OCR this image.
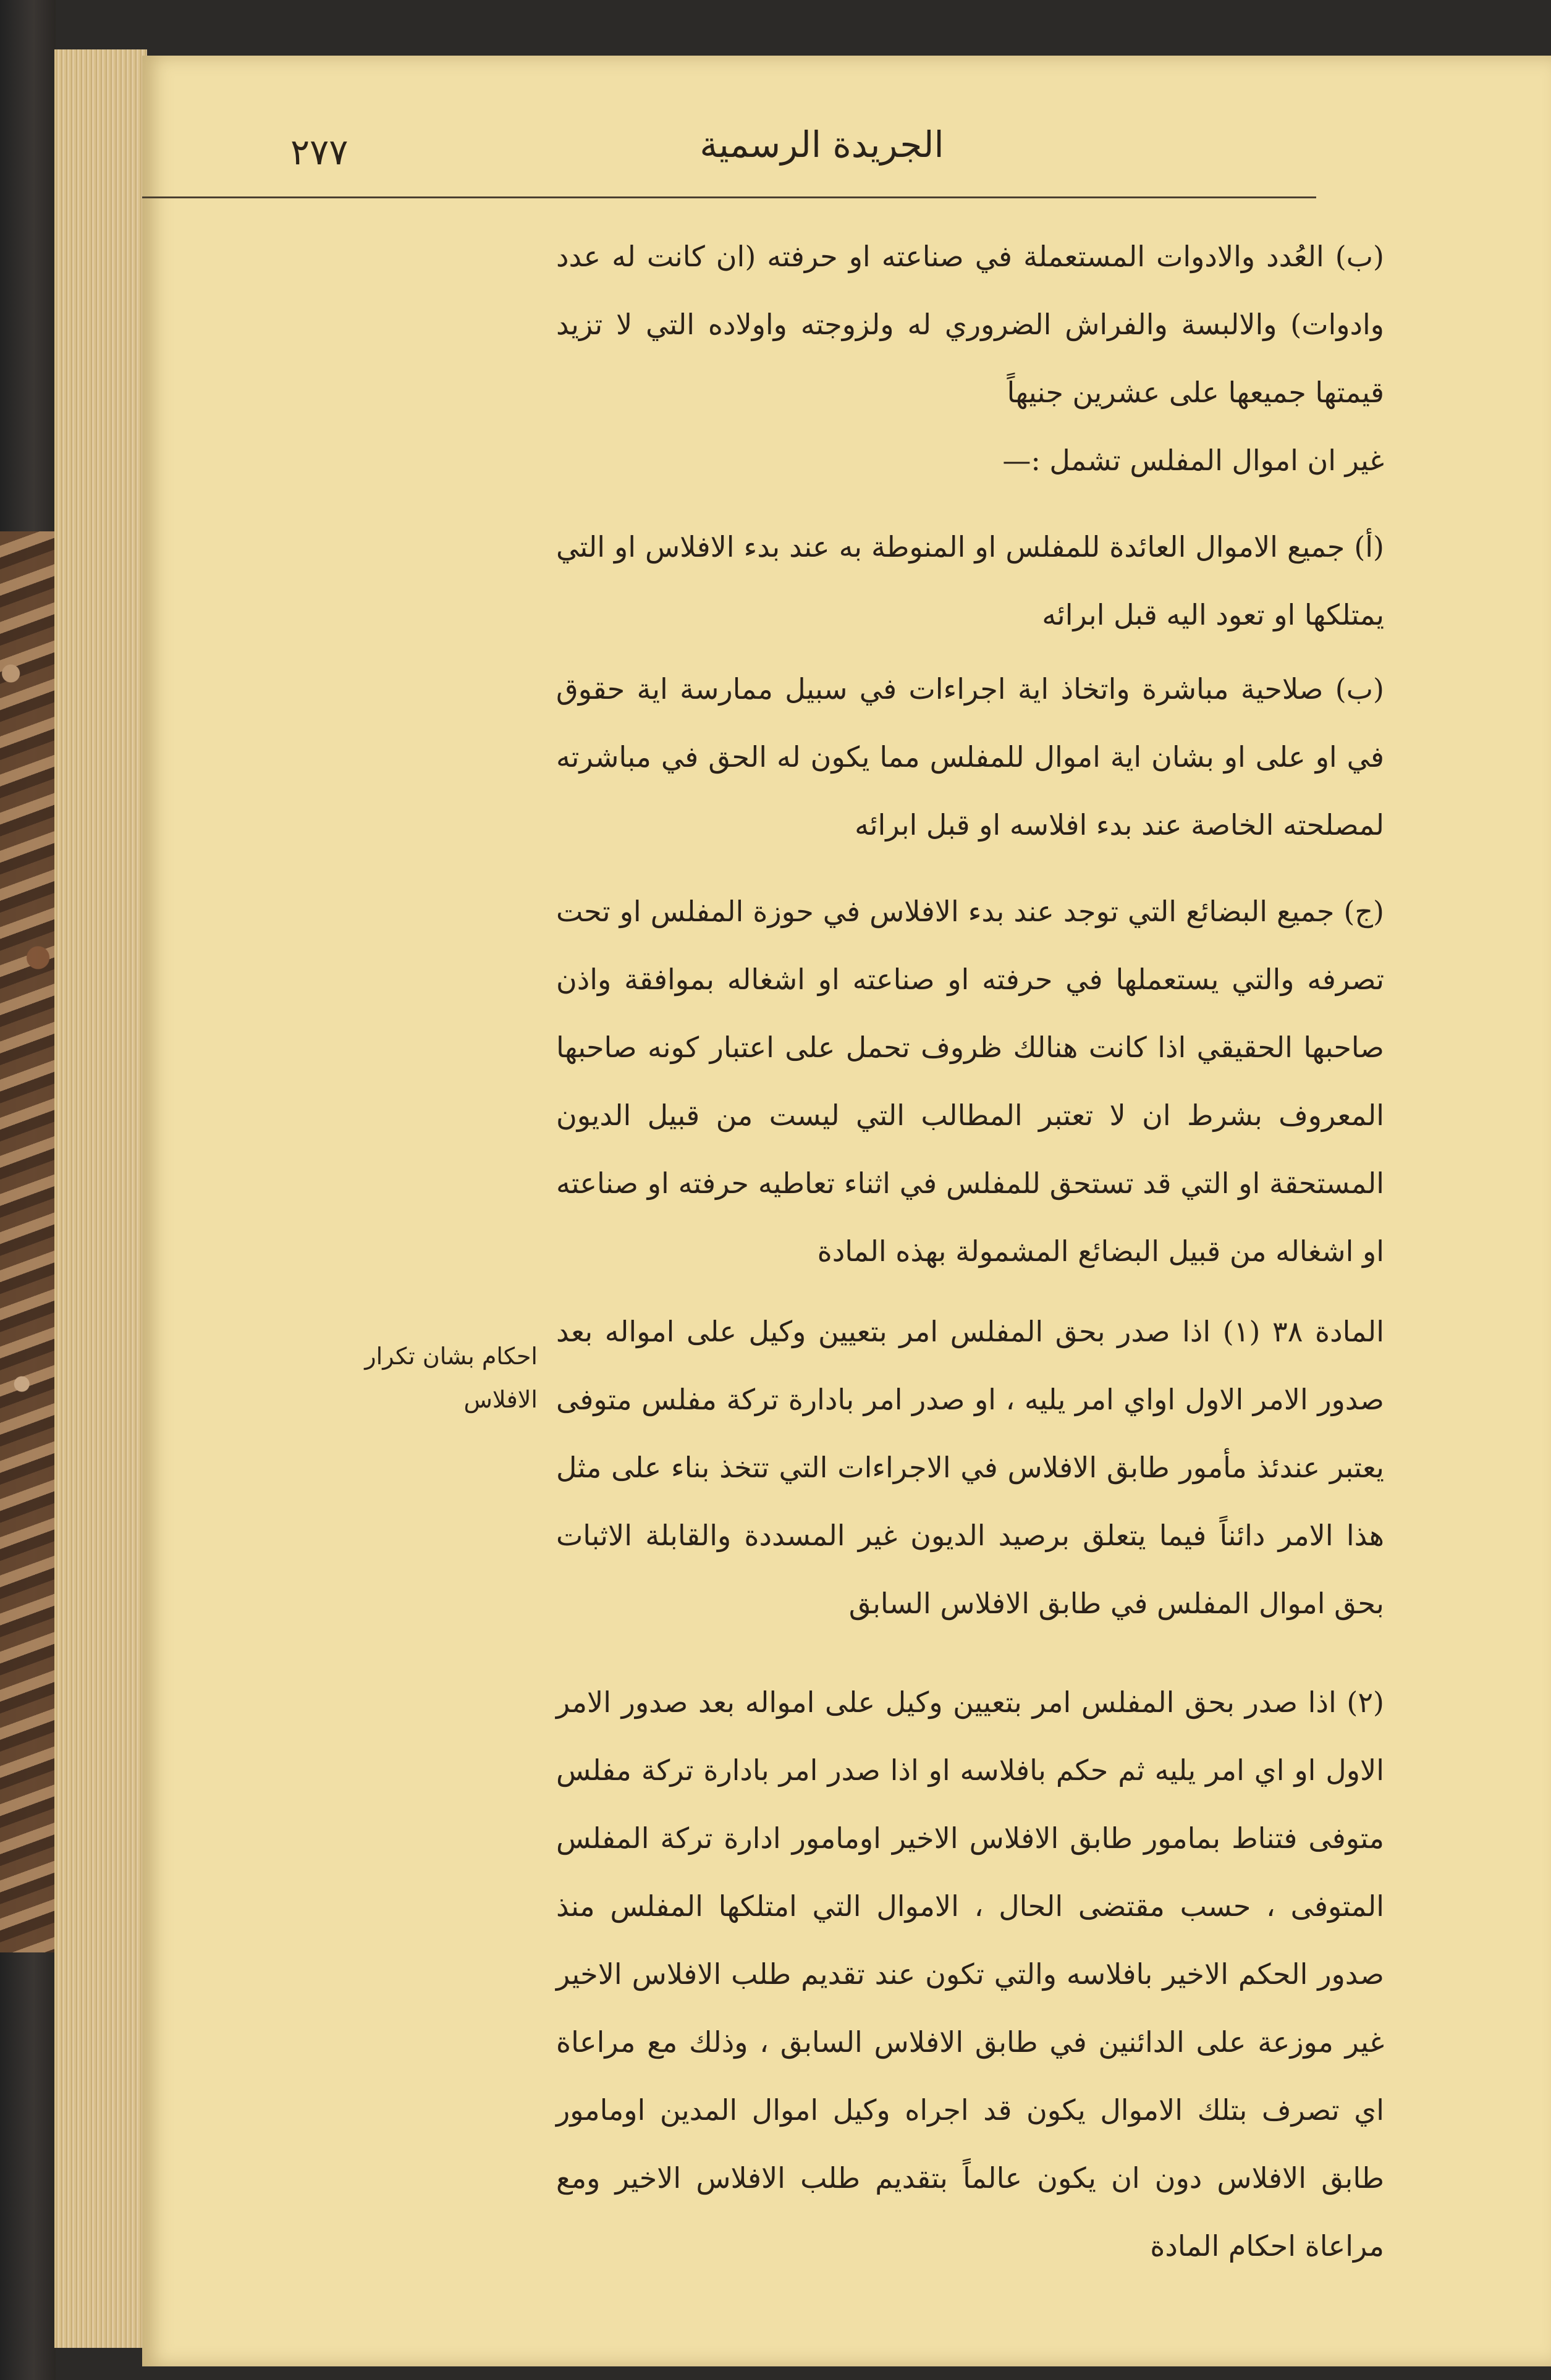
الجريدة الرسمية
٢٧٧

(ب) العُدد والادوات المستعملة في صناعته او حرفته (ان كانت له عدد وادوات) والالبسة والفراش الضروري له ولزوجته واولاده التي لا تزيد قيمتها جميعها على عشرين جنيهاً

غير ان اموال المفلس تشمل :—

(أ) جميع الاموال العائدة للمفلس او المنوطة به عند بدء الافلاس او التي يمتلكها او تعود اليه قبل ابرائه

(ب) صلاحية مباشرة واتخاذ اية اجراءات في سبيل ممارسة اية حقوق في او على او بشان اية اموال للمفلس مما يكون له الحق في مباشرته لمصلحته الخاصة عند بدء افلاسه او قبل ابرائه

(ج) جميع البضائع التي توجد عند بدء الافلاس في حوزة المفلس او تحت تصرفه والتي يستعملها في حرفته او صناعته او اشغاله بموافقة واذن صاحبها الحقيقي اذا كانت هنالك ظروف تحمل على اعتبار كونه صاحبها المعروف بشرط ان لا تعتبر المطالب التي ليست من قبيل الديون المستحقة او التي قد تستحق للمفلس في اثناء تعاطيه حرفته او صناعته او اشغاله من قبيل البضائع المشمولة بهذه المادة

المادة ٣٨ (١) اذا صدر بحق المفلس امر بتعيين وكيل على امواله بعد صدور الامر الاول اواي امر يليه ، او صدر امر بادارة تركة مفلس متوفى يعتبر عندئذ مأمور طابق الافلاس في الاجراءات التي تتخذ بناء على مثل هذا الامر دائناً فيما يتعلق برصيد الديون غير المسددة والقابلة الاثبات بحق اموال المفلس في طابق الافلاس السابق

احكام بشان تكرار الافلاس

(٢) اذا صدر بحق المفلس امر بتعيين وكيل على امواله بعد صدور الامر الاول او اي امر يليه ثم حكم بافلاسه او اذا صدر امر بادارة تركة مفلس متوفى فتناط بمامور طابق الافلاس الاخير اومامور ادارة تركة المفلس المتوفى ، حسب مقتضى الحال ، الاموال التي امتلكها المفلس منذ صدور الحكم الاخير بافلاسه والتي تكون عند تقديم طلب الافلاس الاخير غير موزعة على الدائنين في طابق الافلاس السابق ، وذلك مع مراعاة اي تصرف بتلك الاموال يكون قد اجراه وكيل اموال المدين اومامور طابق الافلاس دون ان يكون عالماً بتقديم طلب الافلاس الاخير ومع مراعاة احكام المادة
